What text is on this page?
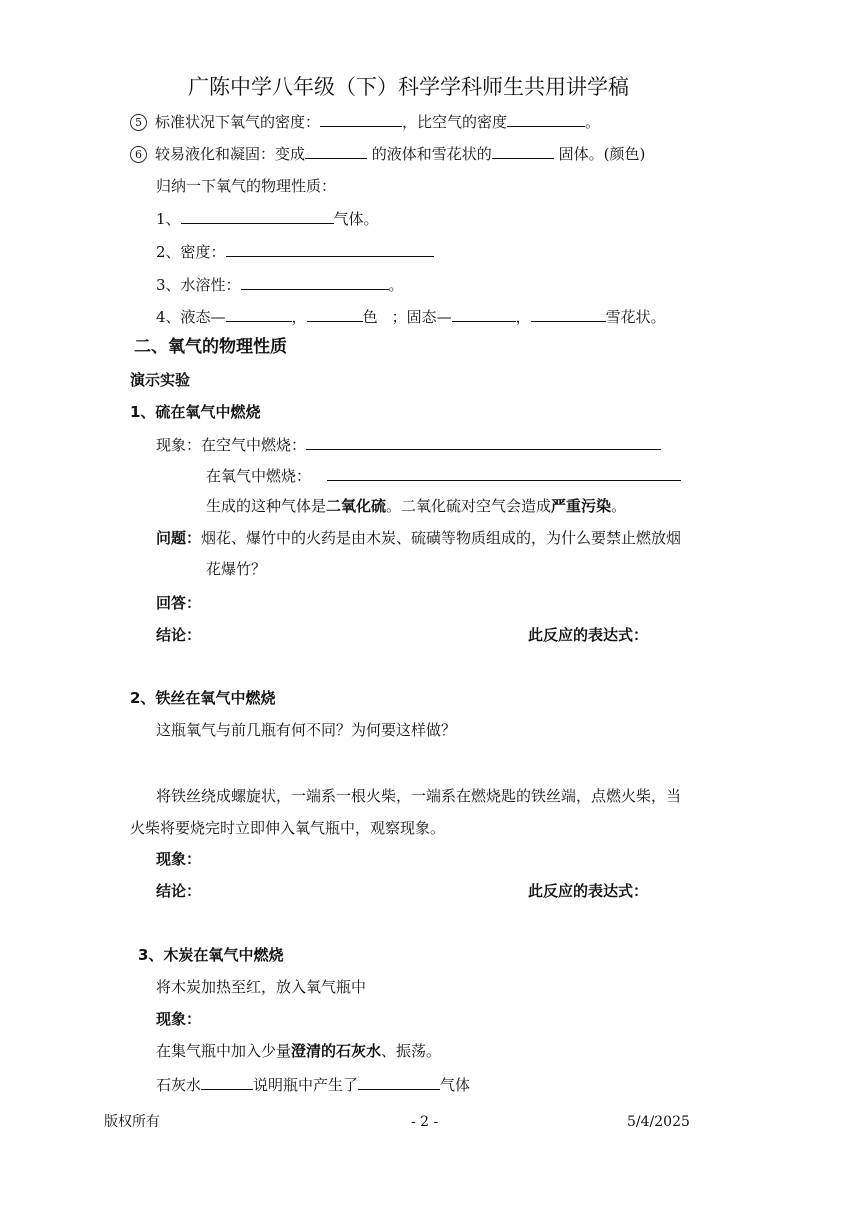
广陈中学八年级（下）科学学科师生共用讲学稿
5 标准状况下氧气的密度：	，比空气的密度	。
6 较易液化和凝固：变成	的液体和雪花状的	固体。(颜色)
归纳一下氧气的物理性质：
1、	气体。
2、密度：
3、水溶性：	。
4、液态—	，	色 ；固态—	，	雪花状。
二、氧气的物理性质
演示实验
1、硫在氧气中燃烧
现象：在空气中燃烧：
在氧气中燃烧：
生成的这种气体是二氧化硫。二氧化硫对空气会造成严重污染。
问题：烟花、爆竹中的火药是由木炭、硫磺等物质组成的，为什么要禁止燃放烟
花爆竹？
回答：
结论：	此反应的表达式：
2、铁丝在氧气中燃烧
这瓶氧气与前几瓶有何不同？为何要这样做？
将铁丝绕成螺旋状，一端系一根火柴，一端系在燃烧匙的铁丝端，点燃火柴，当
火柴将要烧完时立即伸入氧气瓶中，观察现象。
现象：
结论：	此反应的表达式：
3、木炭在氧气中燃烧
将木炭加热至红，放入氧气瓶中
现象：
在集气瓶中加入少量澄清的石灰水、振荡。
石灰水	说明瓶中产生了	气体
版权所有	- 2 -	5/4/2025
